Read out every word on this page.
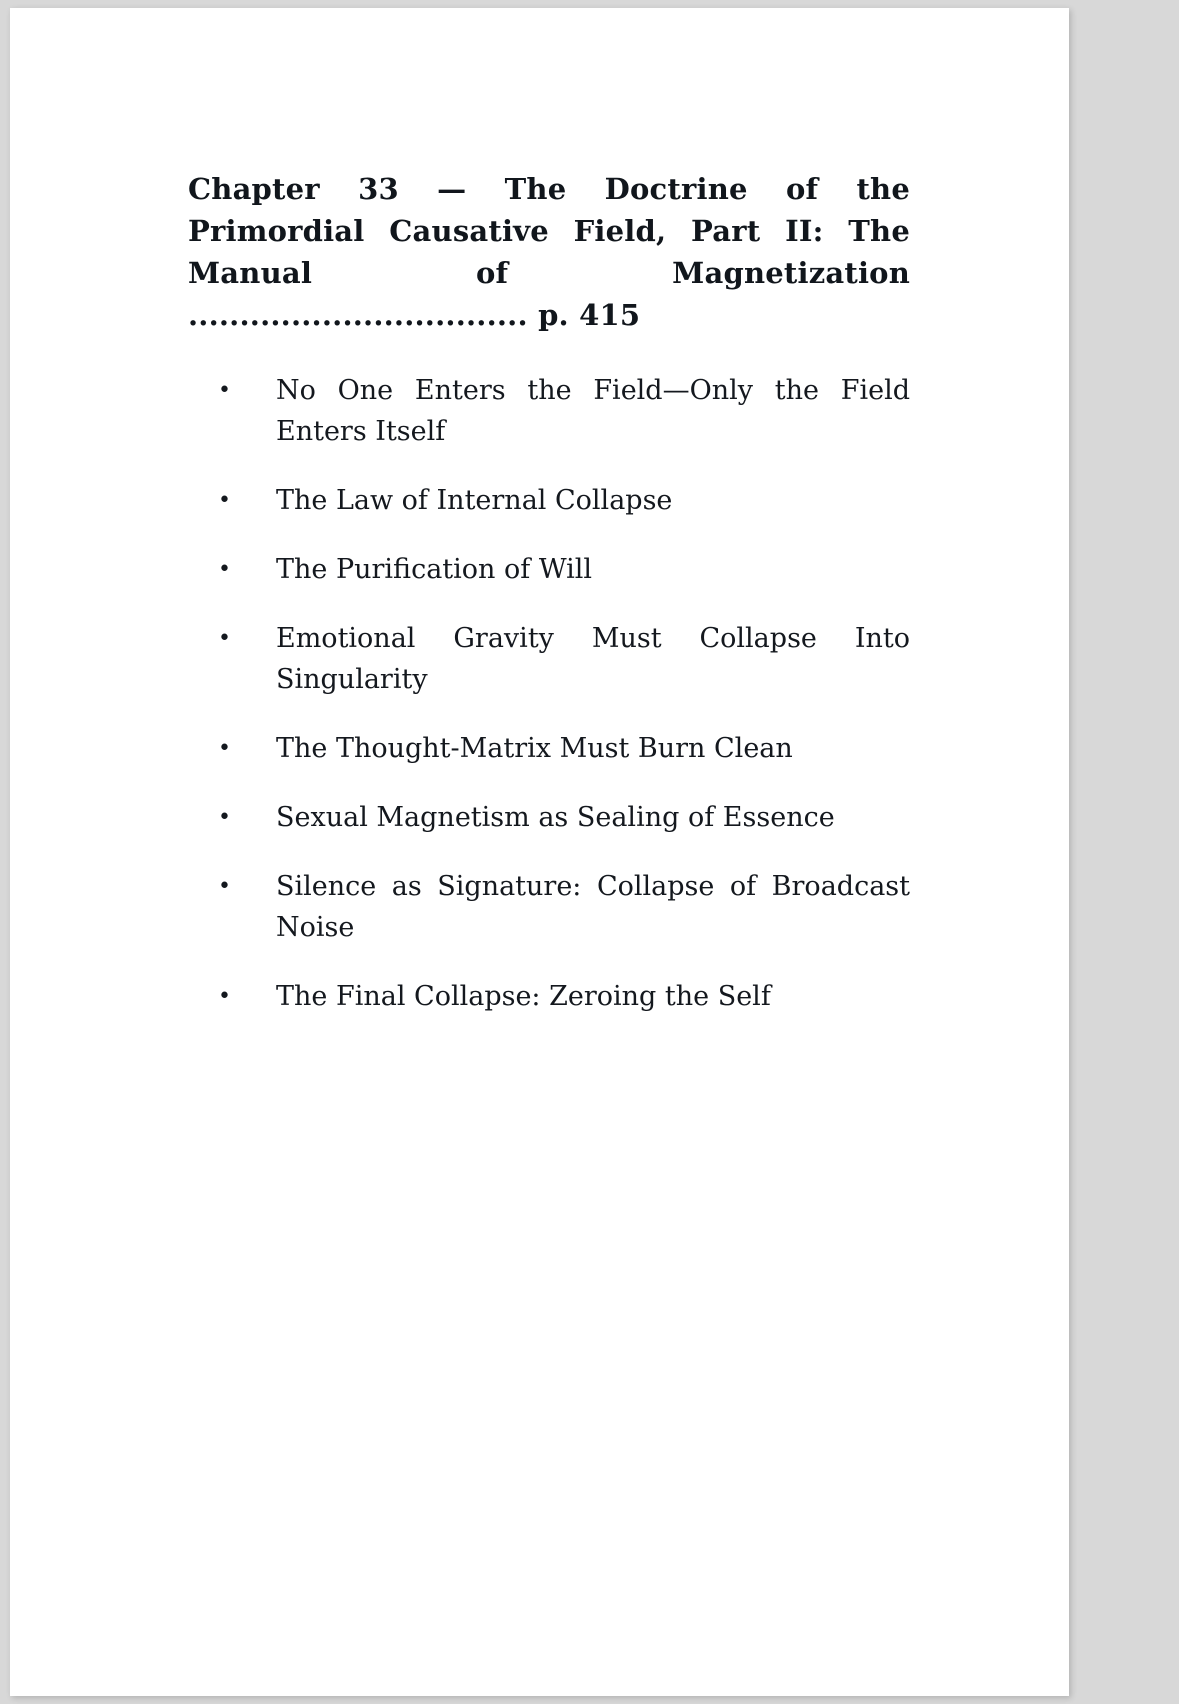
Chapter 33 — The Doctrine of the Primordial Causative Field, Part II: The Manual of Magnetization ................................. p. 415
• No One Enters the Field—Only the Field Enters Itself
• The Law of Internal Collapse
• The Purification of Will
• Emotional Gravity Must Collapse Into Singularity
• The Thought-Matrix Must Burn Clean
• Sexual Magnetism as Sealing of Essence
• Silence as Signature: Collapse of Broadcast Noise
• The Final Collapse: Zeroing the Self
